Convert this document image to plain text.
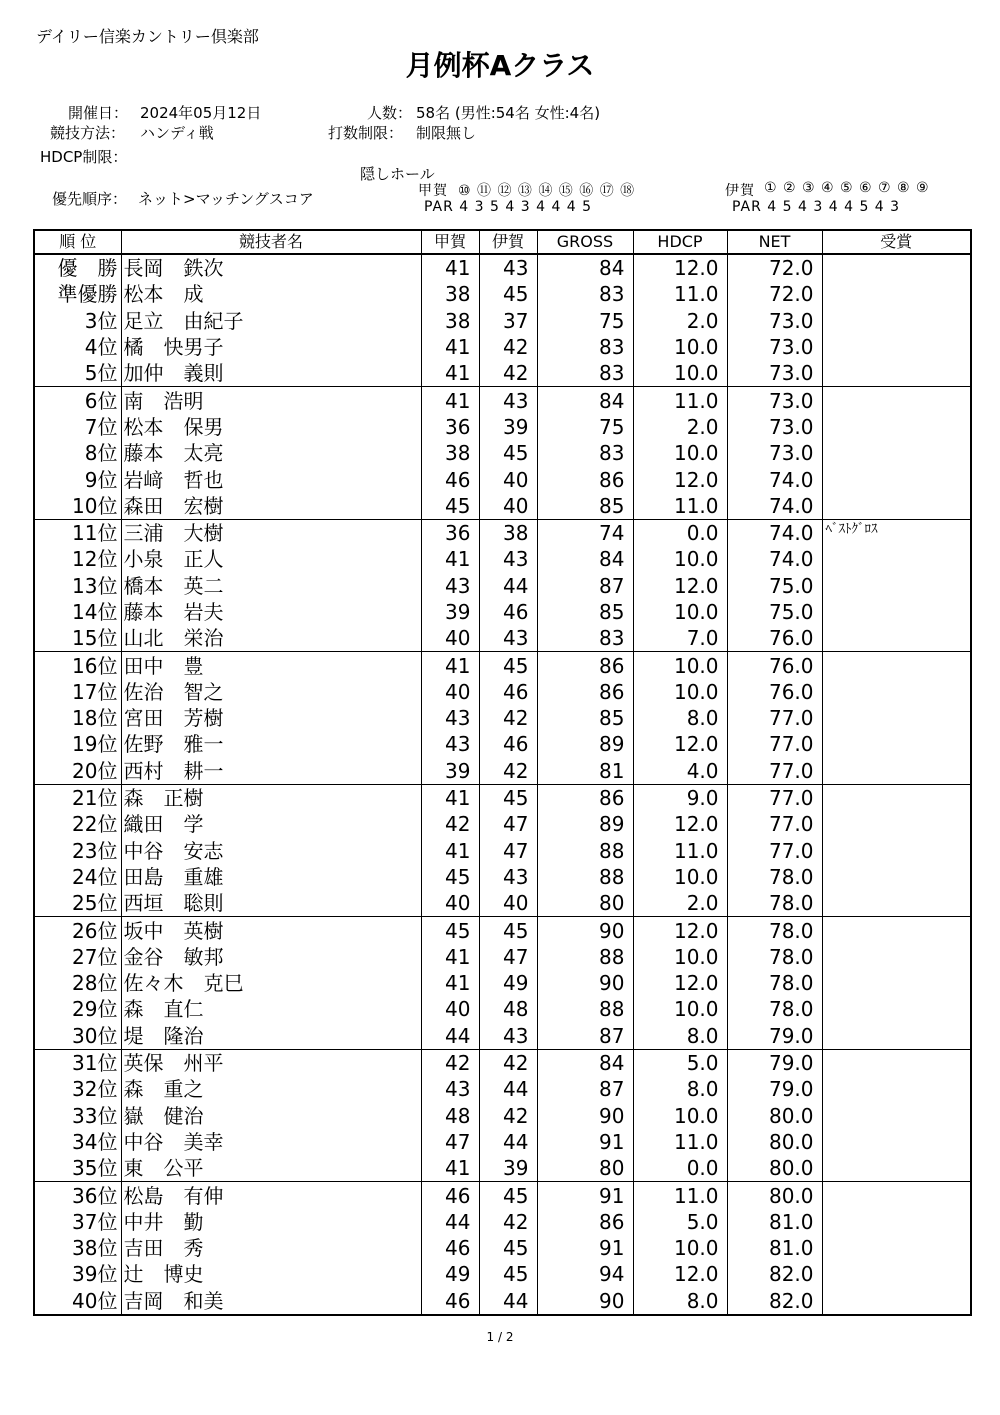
デイリー信楽カントリー倶楽部
月例杯Aクラス
開催日： 2024年05月12日
競技方法： ハンディ戦
HDCP制限：
人数： 58名 (男性:54名 女性:4名)
打数制限： 制限無し
隠しホール
優先順序： ネット>マッチングスコア	甲賀 ⑩ ⑪ ⑫ ⑬ ⑭ ⑮ ⑯ ⑰ ⑱
PAR 4 3 5 4 3 4 4 4 5
伊賀 ① ② ③ ④ ⑤ ⑥ ⑦ ⑧ ⑨
PAR 4 5 4 3 4 4 5 4 3
順 位	競技者名	甲賀	伊賀	GROSS	HDCP	NET	受賞
優　勝	長岡　鉄次	41	43	84	12.0	72.0	
準優勝	松本　成	38	45	83	11.0	72.0	
3位	足立　由紀子	38	37	75	2.0	73.0	
4位	橘　快男子	41	42	83	10.0	73.0	
5位	加仲　義則	41	42	83	10.0	73.0	
6位	南　浩明	41	43	84	11.0	73.0	
7位	松本　保男	36	39	75	2.0	73.0	
8位	藤本　太亮	38	45	83	10.0	73.0	
9位	岩﨑　哲也	46	40	86	12.0	74.0	
10位	森田　宏樹	45	40	85	11.0	74.0	
11位	三浦　大樹	36	38	74	0.0	74.0	ﾍﾞｽﾄｸﾞﾛｽ
12位	小泉　正人	41	43	84	10.0	74.0	
13位	橋本　英二	43	44	87	12.0	75.0	
14位	藤本　岩夫	39	46	85	10.0	75.0	
15位	山北　栄治	40	43	83	7.0	76.0	
16位	田中　豊	41	45	86	10.0	76.0	
17位	佐治　智之	40	46	86	10.0	76.0	
18位	宮田　芳樹	43	42	85	8.0	77.0	
19位	佐野　雅一	43	46	89	12.0	77.0	
20位	西村　耕一	39	42	81	4.0	77.0	
21位	森　正樹	41	45	86	9.0	77.0	
22位	織田　学	42	47	89	12.0	77.0	
23位	中谷　安志	41	47	88	11.0	77.0	
24位	田島　重雄	45	43	88	10.0	78.0	
25位	西垣　聡則	40	40	80	2.0	78.0	
26位	坂中　英樹	45	45	90	12.0	78.0	
27位	金谷　敏邦	41	47	88	10.0	78.0	
28位	佐々木　克巳	41	49	90	12.0	78.0	
29位	森　直仁	40	48	88	10.0	78.0	
30位	堤　隆治	44	43	87	8.0	79.0	
31位	英保　州平	42	42	84	5.0	79.0	
32位	森　重之	43	44	87	8.0	79.0	
33位	嶽　健治	48	42	90	10.0	80.0	
34位	中谷　美幸	47	44	91	11.0	80.0	
35位	東　公平	41	39	80	0.0	80.0	
36位	松島　有伸	46	45	91	11.0	80.0	
37位	中井　勤	44	42	86	5.0	81.0	
38位	吉田　秀	46	45	91	10.0	81.0	
39位	辻　博史	49	45	94	12.0	82.0	
40位	吉岡　和美	46	44	90	8.0	82.0	
1 / 2
